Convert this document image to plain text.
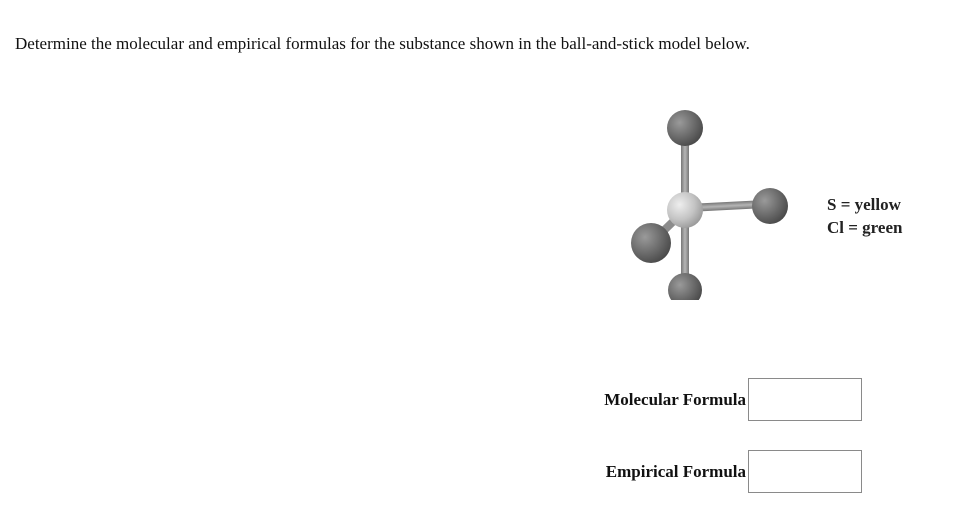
Determine the molecular and empirical formulas for the substance shown in the ball-and-stick model below.
S = yellow
Cl = green
Molecular Formula
Empirical Formula
